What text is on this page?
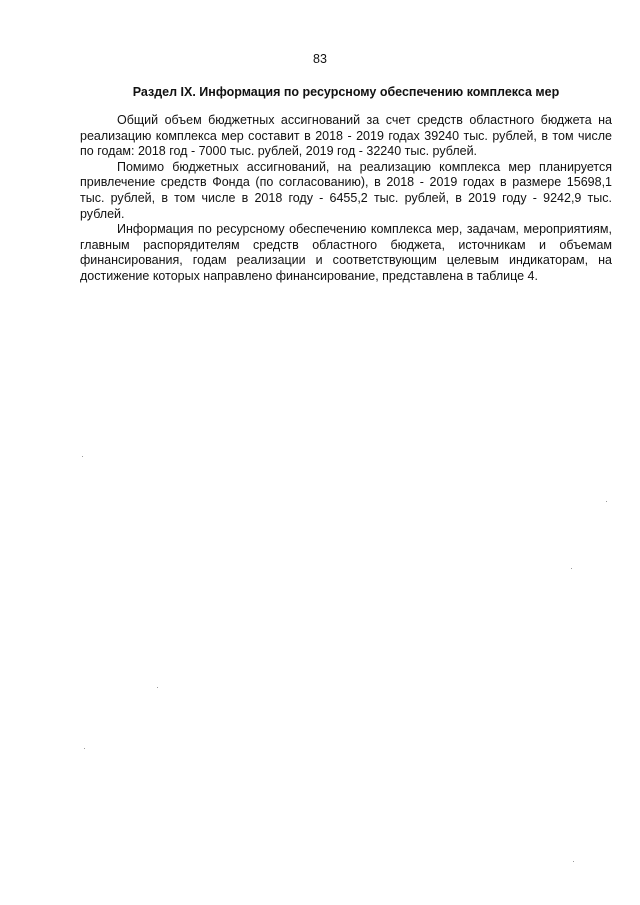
83
Раздел IX. Информация по ресурсному обеспечению комплекса мер

Общий объем бюджетных ассигнований за счет средств областного бюджета на реализацию комплекса мер составит в 2018 - 2019 годах 39240 тыс. рублей, в том числе по годам: 2018 год - 7000 тыс. рублей, 2019 год - 32240 тыс. рублей.

Помимо бюджетных ассигнований, на реализацию комплекса мер планируется привлечение средств Фонда (по согласованию), в 2018 - 2019 годах в размере 15698,1 тыс. рублей, в том числе в 2018 году - 6455,2 тыс. рублей, в 2019 году - 9242,9 тыс. рублей.

Информация по ресурсному обеспечению комплекса мер, задачам, мероприятиям, главным распорядителям средств областного бюджета, источникам и объемам финансирования, годам реализации и соответствующим целевым индикаторам, на достижение которых направлено финансирование, представлена в таблице 4.
